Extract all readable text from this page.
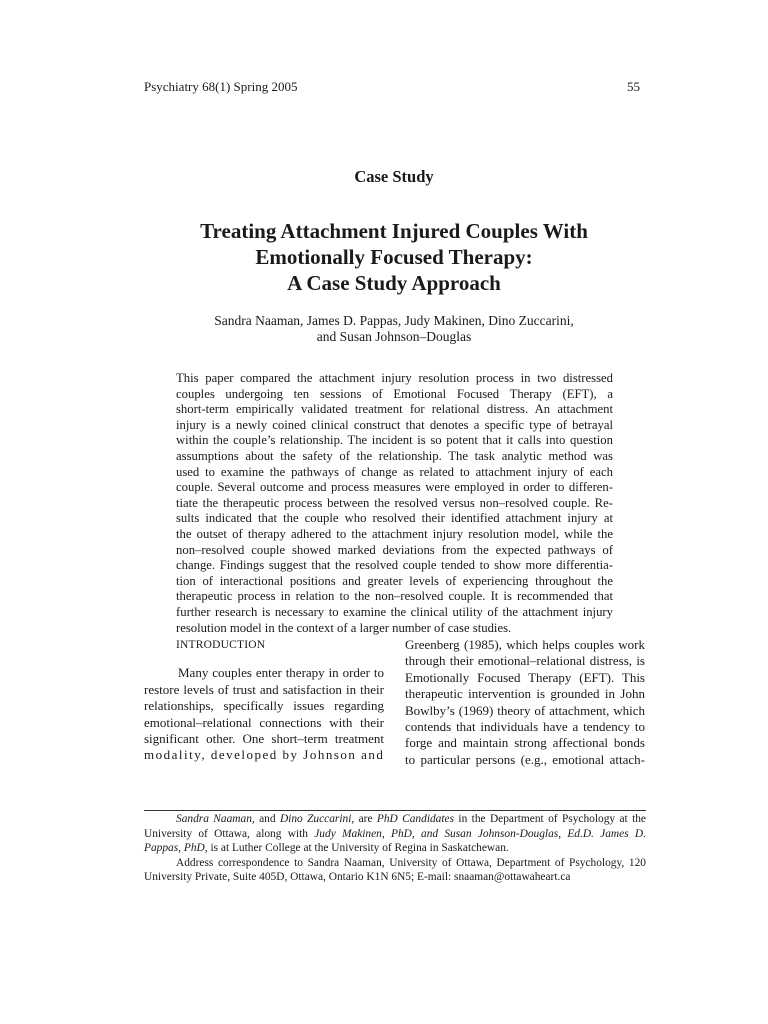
Psychiatry 68(1) Spring 2005	55
Case Study
Treating Attachment Injured Couples With
Emotionally Focused Therapy:
A Case Study Approach
Sandra Naaman, James D. Pappas, Judy Makinen, Dino Zuccarini,
and Susan Johnson–Douglas
This paper compared the attachment injury resolution process in two distressed
couples undergoing ten sessions of Emotional Focused Therapy (EFT), a
short-term empirically validated treatment for relational distress. An attachment
injury is a newly coined clinical construct that denotes a specific type of betrayal
within the couple’s relationship. The incident is so potent that it calls into question
assumptions about the safety of the relationship. The task analytic method was
used to examine the pathways of change as related to attachment injury of each
couple. Several outcome and process measures were employed in order to differen-
tiate the therapeutic process between the resolved versus non–resolved couple. Re-
sults indicated that the couple who resolved their identified attachment injury at
the outset of therapy adhered to the attachment injury resolution model, while the
non–resolved couple showed marked deviations from the expected pathways of
change. Findings suggest that the resolved couple tended to show more differentia-
tion of interactional positions and greater levels of experiencing throughout the
therapeutic process in relation to the non–resolved couple. It is recommended that
further research is necessary to examine the clinical utility of the attachment injury
resolution model in the context of a larger number of case studies.
INTRODUCTION
Many couples enter therapy in order to
restore levels of trust and satisfaction in their
relationships, specifically issues regarding
emotional–relational connections with their
significant other. One short–term treatment
modality, developed by Johnson and
Greenberg (1985), which helps couples work
through their emotional–relational distress, is
Emotionally Focused Therapy (EFT). This
therapeutic intervention is grounded in John
Bowlby’s (1969) theory of attachment, which
contends that individuals have a tendency to
forge and maintain strong affectional bonds
to particular persons (e.g., emotional attach-
Sandra Naaman, and Dino Zuccarini, are PhD Candidates in the Department of Psychology at the
University of Ottawa, along with Judy Makinen, PhD, and Susan Johnson-Douglas, Ed.D. James D.
Pappas, PhD, is at Luther College at the University of Regina in Saskatchewan.
Address correspondence to Sandra Naaman, University of Ottawa, Department of Psychology, 120
University Private, Suite 405D, Ottawa, Ontario K1N 6N5; E-mail: snaaman@ottawaheart.ca
